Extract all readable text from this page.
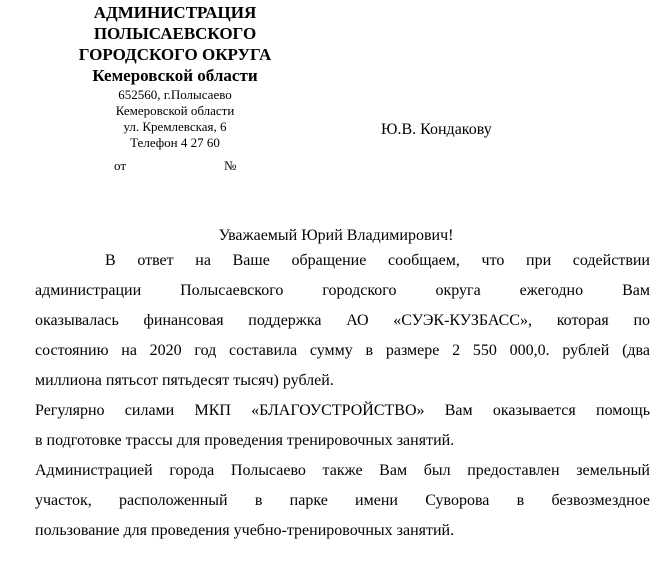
АДМИНИСТРАЦИЯ
ПОЛЫСАЕВСКОГО
ГОРОДСКОГО ОКРУГА
Кемеровской области
652560, г.Полысаево
Кемеровской области
ул. Кремлевская, 6
Телефон 4 27 60
от	№
Ю.В. Кондакову
Уважаемый Юрий Владимирович!

В ответ на Ваше обращение сообщаем, что при содействии
администрации Полысаевского городского округа ежегодно Вам
оказывалась финансовая поддержка АО «СУЭК-КУЗБАСС», которая по
состоянию на 2020 год составила сумму в размере 2 550 000,0. рублей (два
миллиона пятьсот пятьдесят тысяч) рублей.

Регулярно силами МКП «БЛАГОУСТРОЙСТВО» Вам оказывается помощь
в подготовке трассы для проведения тренировочных занятий.

Администрацией города Полысаево также Вам был предоставлен земельный
участок, расположенный в парке имени Суворова в безвозмездное
пользование для проведения учебно-тренировочных занятий.
